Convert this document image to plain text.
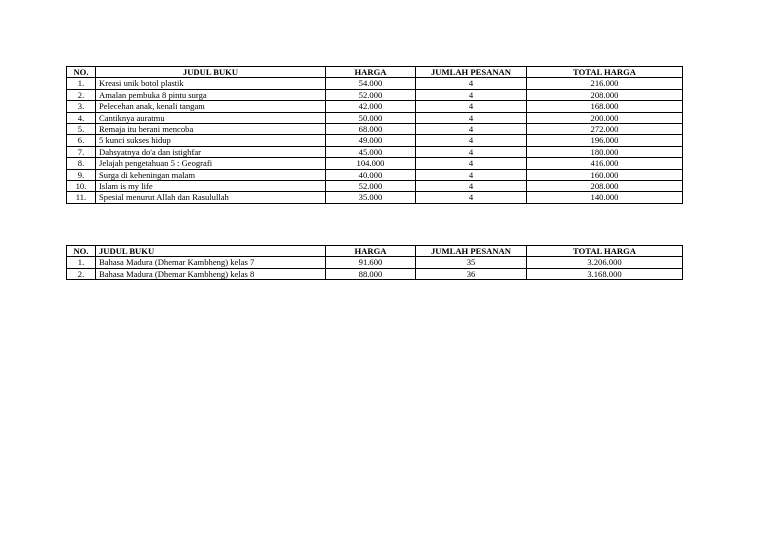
NO.	JUDUL BUKU	HARGA	JUMLAH PESANAN	TOTAL HARGA
1.	Kreasi unik botol plastik	54.000	4	216.000
2.	Amalan pembuka 8 pintu surga	52.000	4	208.000
3.	Pelecehan anak, kenali tanganı	42.000	4	168.000
4.	Cantiknya auratmu	50.000	4	200.000
5.	Remaja itu berani mencoba	68.000	4	272.000
6.	5 kunci sukses hidup	49.000	4	196.000
7.	Dahsyatnya do'a dan istighfar	45.000	4	180.000
8.	Jelajah pengetahuan 5 : Geografi	104.000	4	416.000
9.	Surga di keheningan malam	40.000	4	160.000
10.	Islam is my life	52.000	4	208.000
11.	Spesial menurut Allah dan Rasulullah	35.000	4	140.000
NO.	JUDUL BUKU	HARGA	JUMLAH PESANAN	TOTAL HARGA
1.	Bahasa Madura (Dhemar Kambheng) kelas 7	91.600	35	3.206.000
2.	Bahasa Madura (Dhemar Kambheng) kelas 8	88.000	36	3.168.000
